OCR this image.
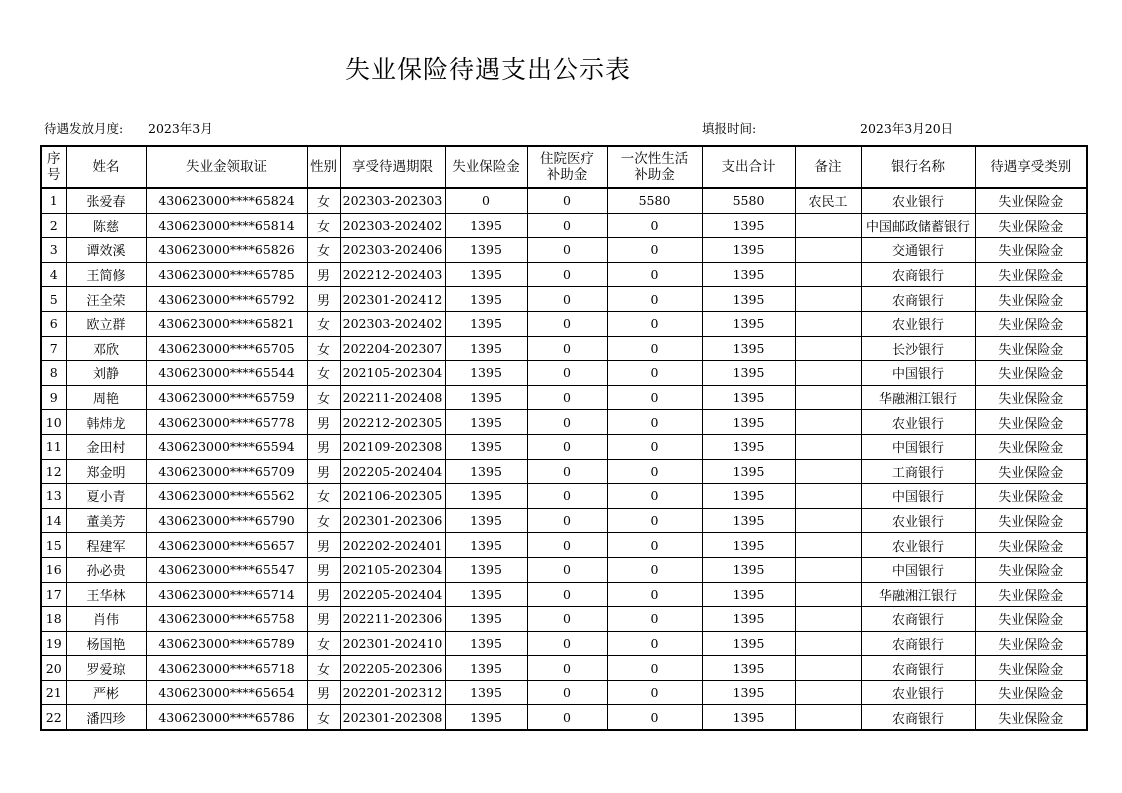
失业保险待遇支出公示表
待遇发放月度: 2023年3月	填报时间:	2023年3月20日
序号	姓名	失业金领取证	性别	享受待遇期限	失业保险金	住院医疗补助金	一次性生活补助金	支出合计	备注	银行名称	待遇享受类别
1	张爱春	430623000****65824	女	202303-202303	0	0	5580	5580	农民工	农业银行	失业保险金
2	陈慈	430623000****65814	女	202303-202402	1395	0	0	1395		中国邮政储蓄银行	失业保险金
3	谭效溪	430623000****65826	女	202303-202406	1395	0	0	1395		交通银行	失业保险金
4	王简修	430623000****65785	男	202212-202403	1395	0	0	1395		农商银行	失业保险金
5	汪全荣	430623000****65792	男	202301-202412	1395	0	0	1395		农商银行	失业保险金
6	欧立群	430623000****65821	女	202303-202402	1395	0	0	1395		农业银行	失业保险金
7	邓欣	430623000****65705	女	202204-202307	1395	0	0	1395		长沙银行	失业保险金
8	刘静	430623000****65544	女	202105-202304	1395	0	0	1395		中国银行	失业保险金
9	周艳	430623000****65759	女	202211-202408	1395	0	0	1395		华融湘江银行	失业保险金
10	韩炜龙	430623000****65778	男	202212-202305	1395	0	0	1395		农业银行	失业保险金
11	金田村	430623000****65594	男	202109-202308	1395	0	0	1395		中国银行	失业保险金
12	郑金明	430623000****65709	男	202205-202404	1395	0	0	1395		工商银行	失业保险金
13	夏小青	430623000****65562	女	202106-202305	1395	0	0	1395		中国银行	失业保险金
14	董美芳	430623000****65790	女	202301-202306	1395	0	0	1395		农业银行	失业保险金
15	程建军	430623000****65657	男	202202-202401	1395	0	0	1395		农业银行	失业保险金
16	孙必贵	430623000****65547	男	202105-202304	1395	0	0	1395		中国银行	失业保险金
17	王华林	430623000****65714	男	202205-202404	1395	0	0	1395		华融湘江银行	失业保险金
18	肖伟	430623000****65758	男	202211-202306	1395	0	0	1395		农商银行	失业保险金
19	杨国艳	430623000****65789	女	202301-202410	1395	0	0	1395		农商银行	失业保险金
20	罗爱琼	430623000****65718	女	202205-202306	1395	0	0	1395		农商银行	失业保险金
21	严彬	430623000****65654	男	202201-202312	1395	0	0	1395		农业银行	失业保险金
22	潘四珍	430623000****65786	女	202301-202308	1395	0	0	1395		农商银行	失业保险金
